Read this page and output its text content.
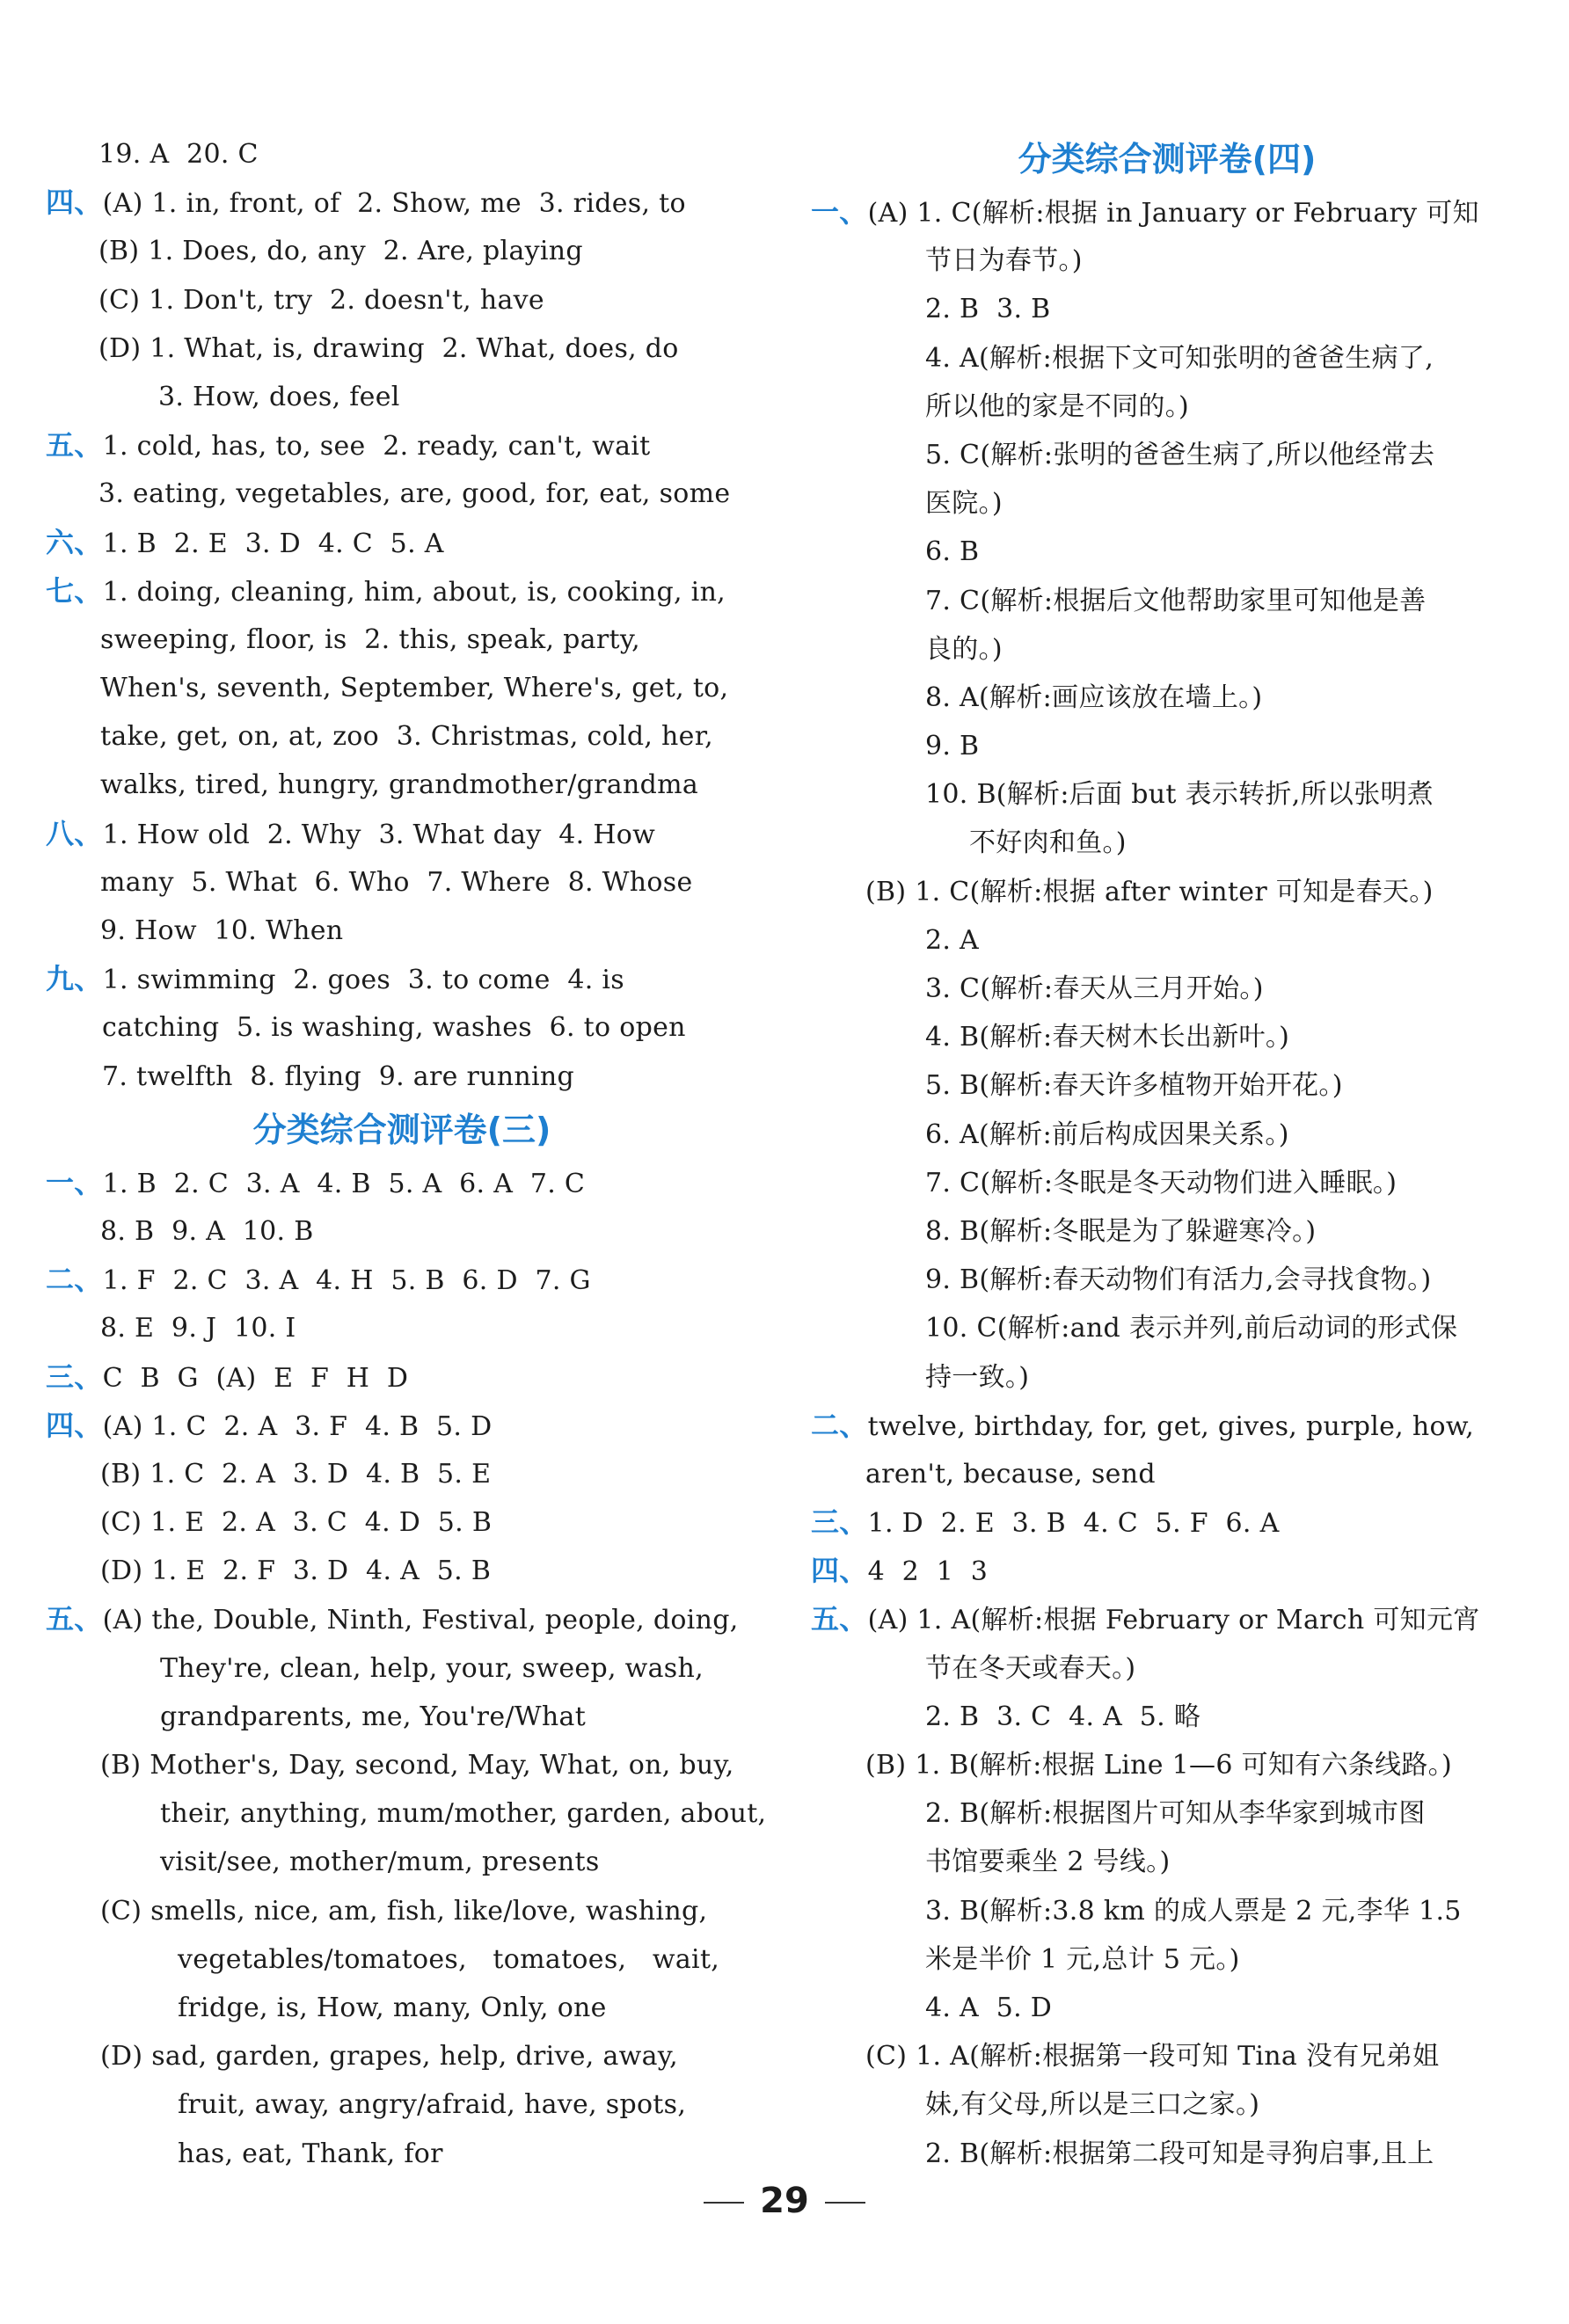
19. A  20. C
四、(A) 1. in, front, of  2. Show, me  3. rides, to
(B) 1. Does, do, any  2. Are, playing
(C) 1. Don't, try  2. doesn't, have
(D) 1. What, is, drawing  2. What, does, do
3. How, does, feel
五、1. cold, has, to, see  2. ready, can't, wait
3. eating, vegetables, are, good, for, eat, some
六、1. B  2. E  3. D  4. C  5. A
七、1. doing, cleaning, him, about, is, cooking, in,
sweeping, floor, is  2. this, speak, party,
When's, seventh, September, Where's, get, to,
take, get, on, at, zoo  3. Christmas, cold, her,
walks, tired, hungry, grandmother/grandma
八、1. How old  2. Why  3. What day  4. How
many  5. What  6. Who  7. Where  8. Whose
9. How  10. When
九、1. swimming  2. goes  3. to come  4. is
catching  5. is washing, washes  6. to open
7. twelfth  8. flying  9. are running
分类综合测评卷(三)
一、1. B  2. C  3. A  4. B  5. A  6. A  7. C
8. B  9. A  10. B
二、1. F  2. C  3. A  4. H  5. B  6. D  7. G
8. E  9. J  10. I
三、C  B  G  (A)  E  F  H  D
四、(A) 1. C  2. A  3. F  4. B  5. D
(B) 1. C  2. A  3. D  4. B  5. E
(C) 1. E  2. A  3. C  4. D  5. B
(D) 1. E  2. F  3. D  4. A  5. B
五、(A) the, Double, Ninth, Festival, people, doing,
They're, clean, help, your, sweep, wash,
grandparents, me, You're/What
(B) Mother's, Day, second, May, What, on, buy,
their, anything, mum/mother, garden, about,
visit/see, mother/mum, presents
(C) smells, nice, am, fish, like/love, washing,
vegetables/tomatoes,   tomatoes,   wait,
fridge, is, How, many, Only, one
(D) sad, garden, grapes, help, drive, away,
fruit, away, angry/afraid, have, spots,
has, eat, Thank, for
分类综合测评卷(四)
一、(A) 1. C(解析:根据 in January or February 可知
节日为春节。)
2. B  3. B
4. A(解析:根据下文可知张明的爸爸生病了,
所以他的家是不同的。)
5. C(解析:张明的爸爸生病了,所以他经常去
医院。)
6. B
7. C(解析:根据后文他帮助家里可知他是善
良的。)
8. A(解析:画应该放在墙上。)
9. B
10. B(解析:后面 but 表示转折,所以张明煮
不好肉和鱼。)
(B) 1. C(解析:根据 after winter 可知是春天。)
2. A
3. C(解析:春天从三月开始。)
4. B(解析:春天树木长出新叶。)
5. B(解析:春天许多植物开始开花。)
6. A(解析:前后构成因果关系。)
7. C(解析:冬眠是冬天动物们进入睡眠。)
8. B(解析:冬眠是为了躲避寒冷。)
9. B(解析:春天动物们有活力,会寻找食物。)
10. C(解析:and 表示并列,前后动词的形式保
持一致。)
二、twelve, birthday, for, get, gives, purple, how,
aren't, because, send
三、1. D  2. E  3. B  4. C  5. F  6. A
四、4  2  1  3
五、(A) 1. A(解析:根据 February or March 可知元宵
节在冬天或春天。)
2. B  3. C  4. A  5. 略
(B) 1. B(解析:根据 Line 1—6 可知有六条线路。)
2. B(解析:根据图片可知从李华家到城市图
书馆要乘坐 2 号线。)
3. B(解析:3.8 km 的成人票是 2 元,李华 1.5
米是半价 1 元,总计 5 元。)
4. A  5. D
(C) 1. A(解析:根据第一段可知 Tina 没有兄弟姐
妹,有父母,所以是三口之家。)
2. B(解析:根据第二段可知是寻狗启事,且上
29
